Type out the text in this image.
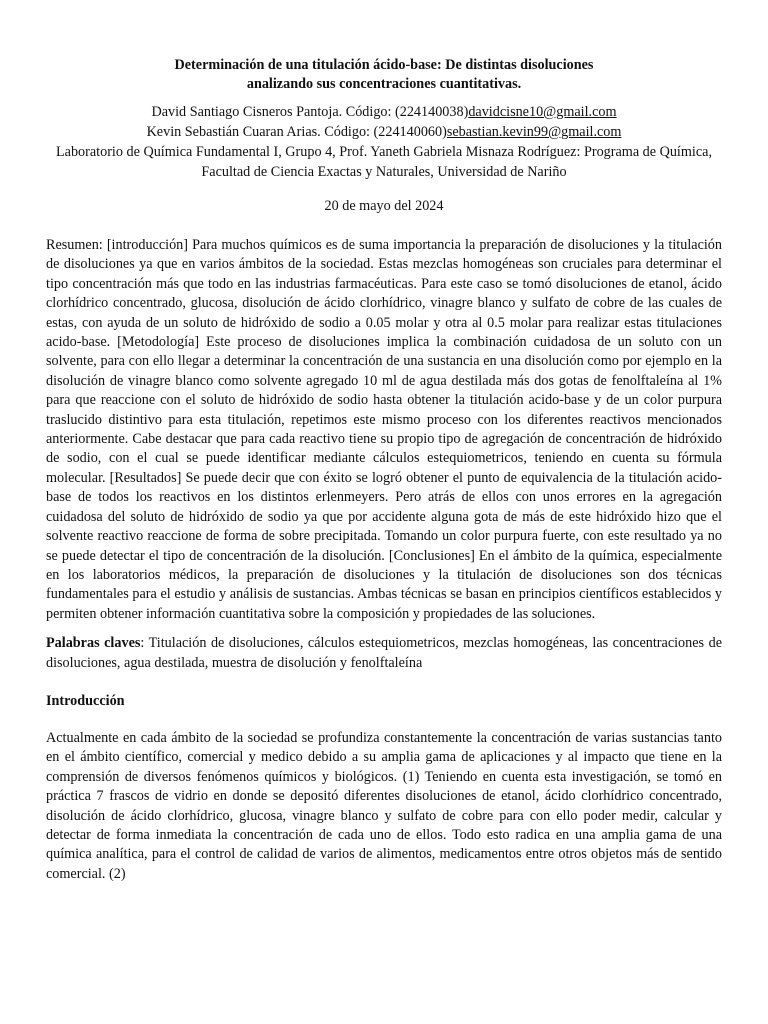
Determinación de una titulación ácido-base: De distintas disoluciones
analizando sus concentraciones cuantitativas.
David Santiago Cisneros Pantoja. Código: (224140038)davidcisne10@gmail.com
Kevin Sebastián Cuaran Arias. Código: (224140060)sebastian.kevin99@gmail.com
Laboratorio de Química Fundamental I, Grupo 4, Prof. Yaneth Gabriela Misnaza Rodríguez: Programa de Química, Facultad de Ciencia Exactas y Naturales, Universidad de Nariño
20 de mayo del 2024
Resumen: [introducción] Para muchos químicos es de suma importancia la preparación de disoluciones y la titulación de disoluciones ya que en varios ámbitos de la sociedad. Estas mezclas homogéneas son cruciales para determinar el tipo concentración más que todo en las industrias farmacéuticas. Para este caso se tomó disoluciones de etanol, ácido clorhídrico concentrado, glucosa, disolución de ácido clorhídrico, vinagre blanco y sulfato de cobre de las cuales de estas, con ayuda de un soluto de hidróxido de sodio a 0.05 molar y otra al 0.5 molar para realizar estas titulaciones acido-base. [Metodología] Este proceso de disoluciones implica la combinación cuidadosa de un soluto con un solvente, para con ello llegar a determinar la concentración de una sustancia en una disolución como por ejemplo en la disolución de vinagre blanco como solvente agregado 10 ml de agua destilada más dos gotas de fenolftaleína al 1% para que reaccione con el soluto de hidróxido de sodio hasta obtener la titulación acido-base y de un color purpura traslucido distintivo para esta titulación, repetimos este mismo proceso con los diferentes reactivos mencionados anteriormente. Cabe destacar que para cada reactivo tiene su propio tipo de agregación de concentración de hidróxido de sodio, con el cual se puede identificar mediante cálculos estequiometricos, teniendo en cuenta su fórmula molecular. [Resultados] Se puede decir que con éxito se logró obtener el punto de equivalencia de la titulación acido-base de todos los reactivos en los distintos erlenmeyers. Pero atrás de ellos con unos errores en la agregación cuidadosa del soluto de hidróxido de sodio ya que por accidente alguna gota de más de este hidróxido hizo que el solvente reactivo reaccione de forma de sobre precipitada. Tomando un color purpura fuerte, con este resultado ya no se puede detectar el tipo de concentración de la disolución. [Conclusiones] En el ámbito de la química, especialmente en los laboratorios médicos, la preparación de disoluciones y la titulación de disoluciones son dos técnicas fundamentales para el estudio y análisis de sustancias. Ambas técnicas se basan en principios científicos establecidos y permiten obtener información cuantitativa sobre la composición y propiedades de las soluciones.
Palabras claves: Titulación de disoluciones, cálculos estequiometricos, mezclas homogéneas, las concentraciones de disoluciones, agua destilada, muestra de disolución y fenolftaleína
Introducción
Actualmente en cada ámbito de la sociedad se profundiza constantemente la concentración de varias sustancias tanto en el ámbito científico, comercial y medico debido a su amplia gama de aplicaciones y al impacto que tiene en la comprensión de diversos fenómenos químicos y biológicos. (1) Teniendo en cuenta esta investigación, se tomó en práctica 7 frascos de vidrio en donde se depositó diferentes disoluciones de etanol, ácido clorhídrico concentrado, disolución de ácido clorhídrico, glucosa, vinagre blanco y sulfato de cobre para con ello poder medir, calcular y detectar de forma inmediata la concentración de cada uno de ellos. Todo esto radica en una amplia gama de una química analítica, para el control de calidad de varios de alimentos, medicamentos entre otros objetos más de sentido comercial. (2)
